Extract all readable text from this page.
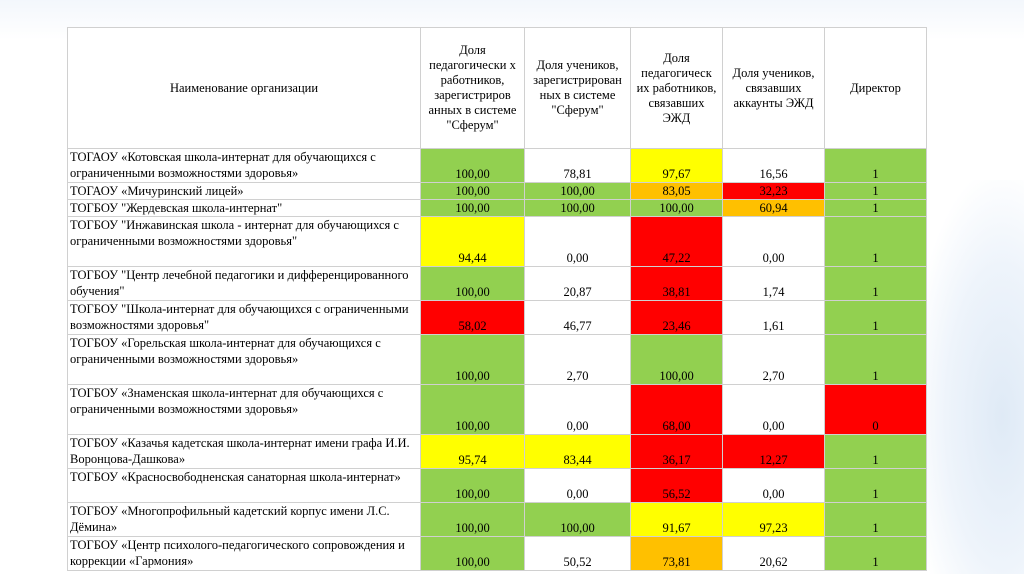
Наименование организации	Доля педагогически х работников, зарегистриров анных в системе "Сферум"	Доля учеников, зарегистрирован ных в системе "Сферум"	Доля педагогическ их работников, связавших ЭЖД	Доля учеников, связавших аккаунты ЭЖД	Директор
ТОГАОУ «Котовская школа-интернат для обучающихся с ограниченными возможностями здоровья»	100,00	78,81	97,67	16,56	1
ТОГАОУ «Мичуринский лицей»	100,00	100,00	83,05	32,23	1
ТОГБОУ "Жердевская школа-интернат"	100,00	100,00	100,00	60,94	1
ТОГБОУ "Инжавинская школа - интернат для обучающихся с ограниченными возможностями здоровья"	94,44	0,00	47,22	0,00	1
ТОГБОУ "Центр лечебной педагогики и дифференцированного обучения"	100,00	20,87	38,81	1,74	1
ТОГБОУ "Школа-интернат для обучающихся с ограниченными возможностями здоровья"	58,02	46,77	23,46	1,61	1
ТОГБОУ «Горельская школа-интернат для обучающихся с ограниченными возможностями здоровья»	100,00	2,70	100,00	2,70	1
ТОГБОУ «Знаменская школа-интернат для обучающихся с ограниченными возможностями здоровья»	100,00	0,00	68,00	0,00	0
ТОГБОУ «Казачья кадетская школа-интернат имени графа И.И. Воронцова-Дашкова»	95,74	83,44	36,17	12,27	1
ТОГБОУ «Красносвободненская санаторная школа-интернат»	100,00	0,00	56,52	0,00	1
ТОГБОУ «Многопрофильный кадетский корпус имени Л.С. Дёмина»	100,00	100,00	91,67	97,23	1
ТОГБОУ «Центр психолого-педагогического сопровождения и коррекции «Гармония»	100,00	50,52	73,81	20,62	1
